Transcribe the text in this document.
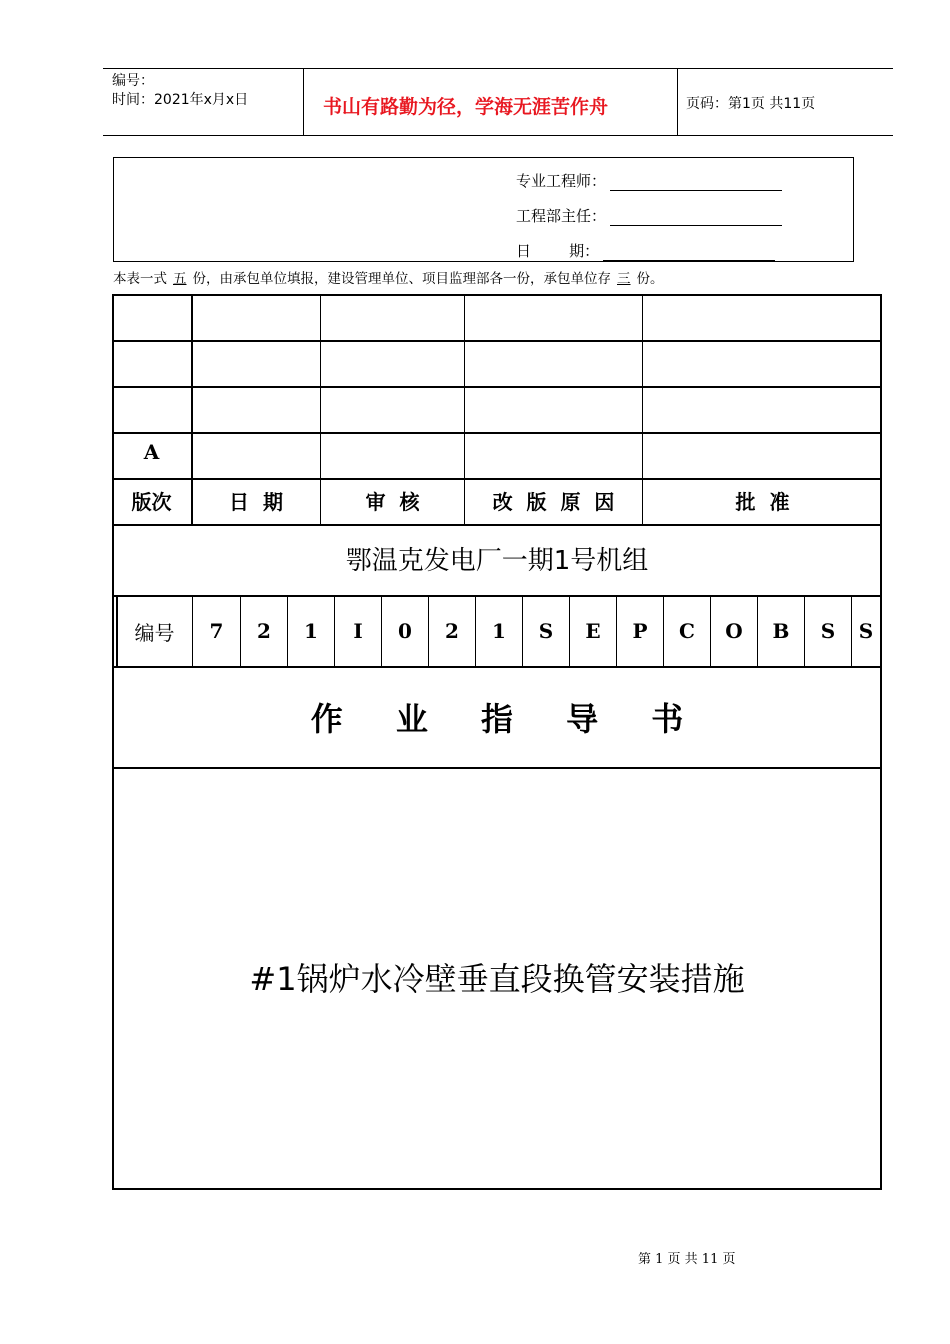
编号：
时间：2021年x月x日	书山有路勤为径，学海无涯苦作舟	页码：第1页 共11页
专业工程师：
工程部主任：
日        期：
本表一式 五 份，由承包单位填报，建设管理单位、项目监理部各一份，承包单位存 三 份。
A
版次	日  期	审  核	改  版  原  因	批  准
鄂温克发电厂一期1号机组
编号	7	2	1	I	0	2	1	S	E	P	C	O	B	S	S
作 业 指 导 书
#1锅炉水冷壁垂直段换管安装措施
第 1 页 共 11 页
